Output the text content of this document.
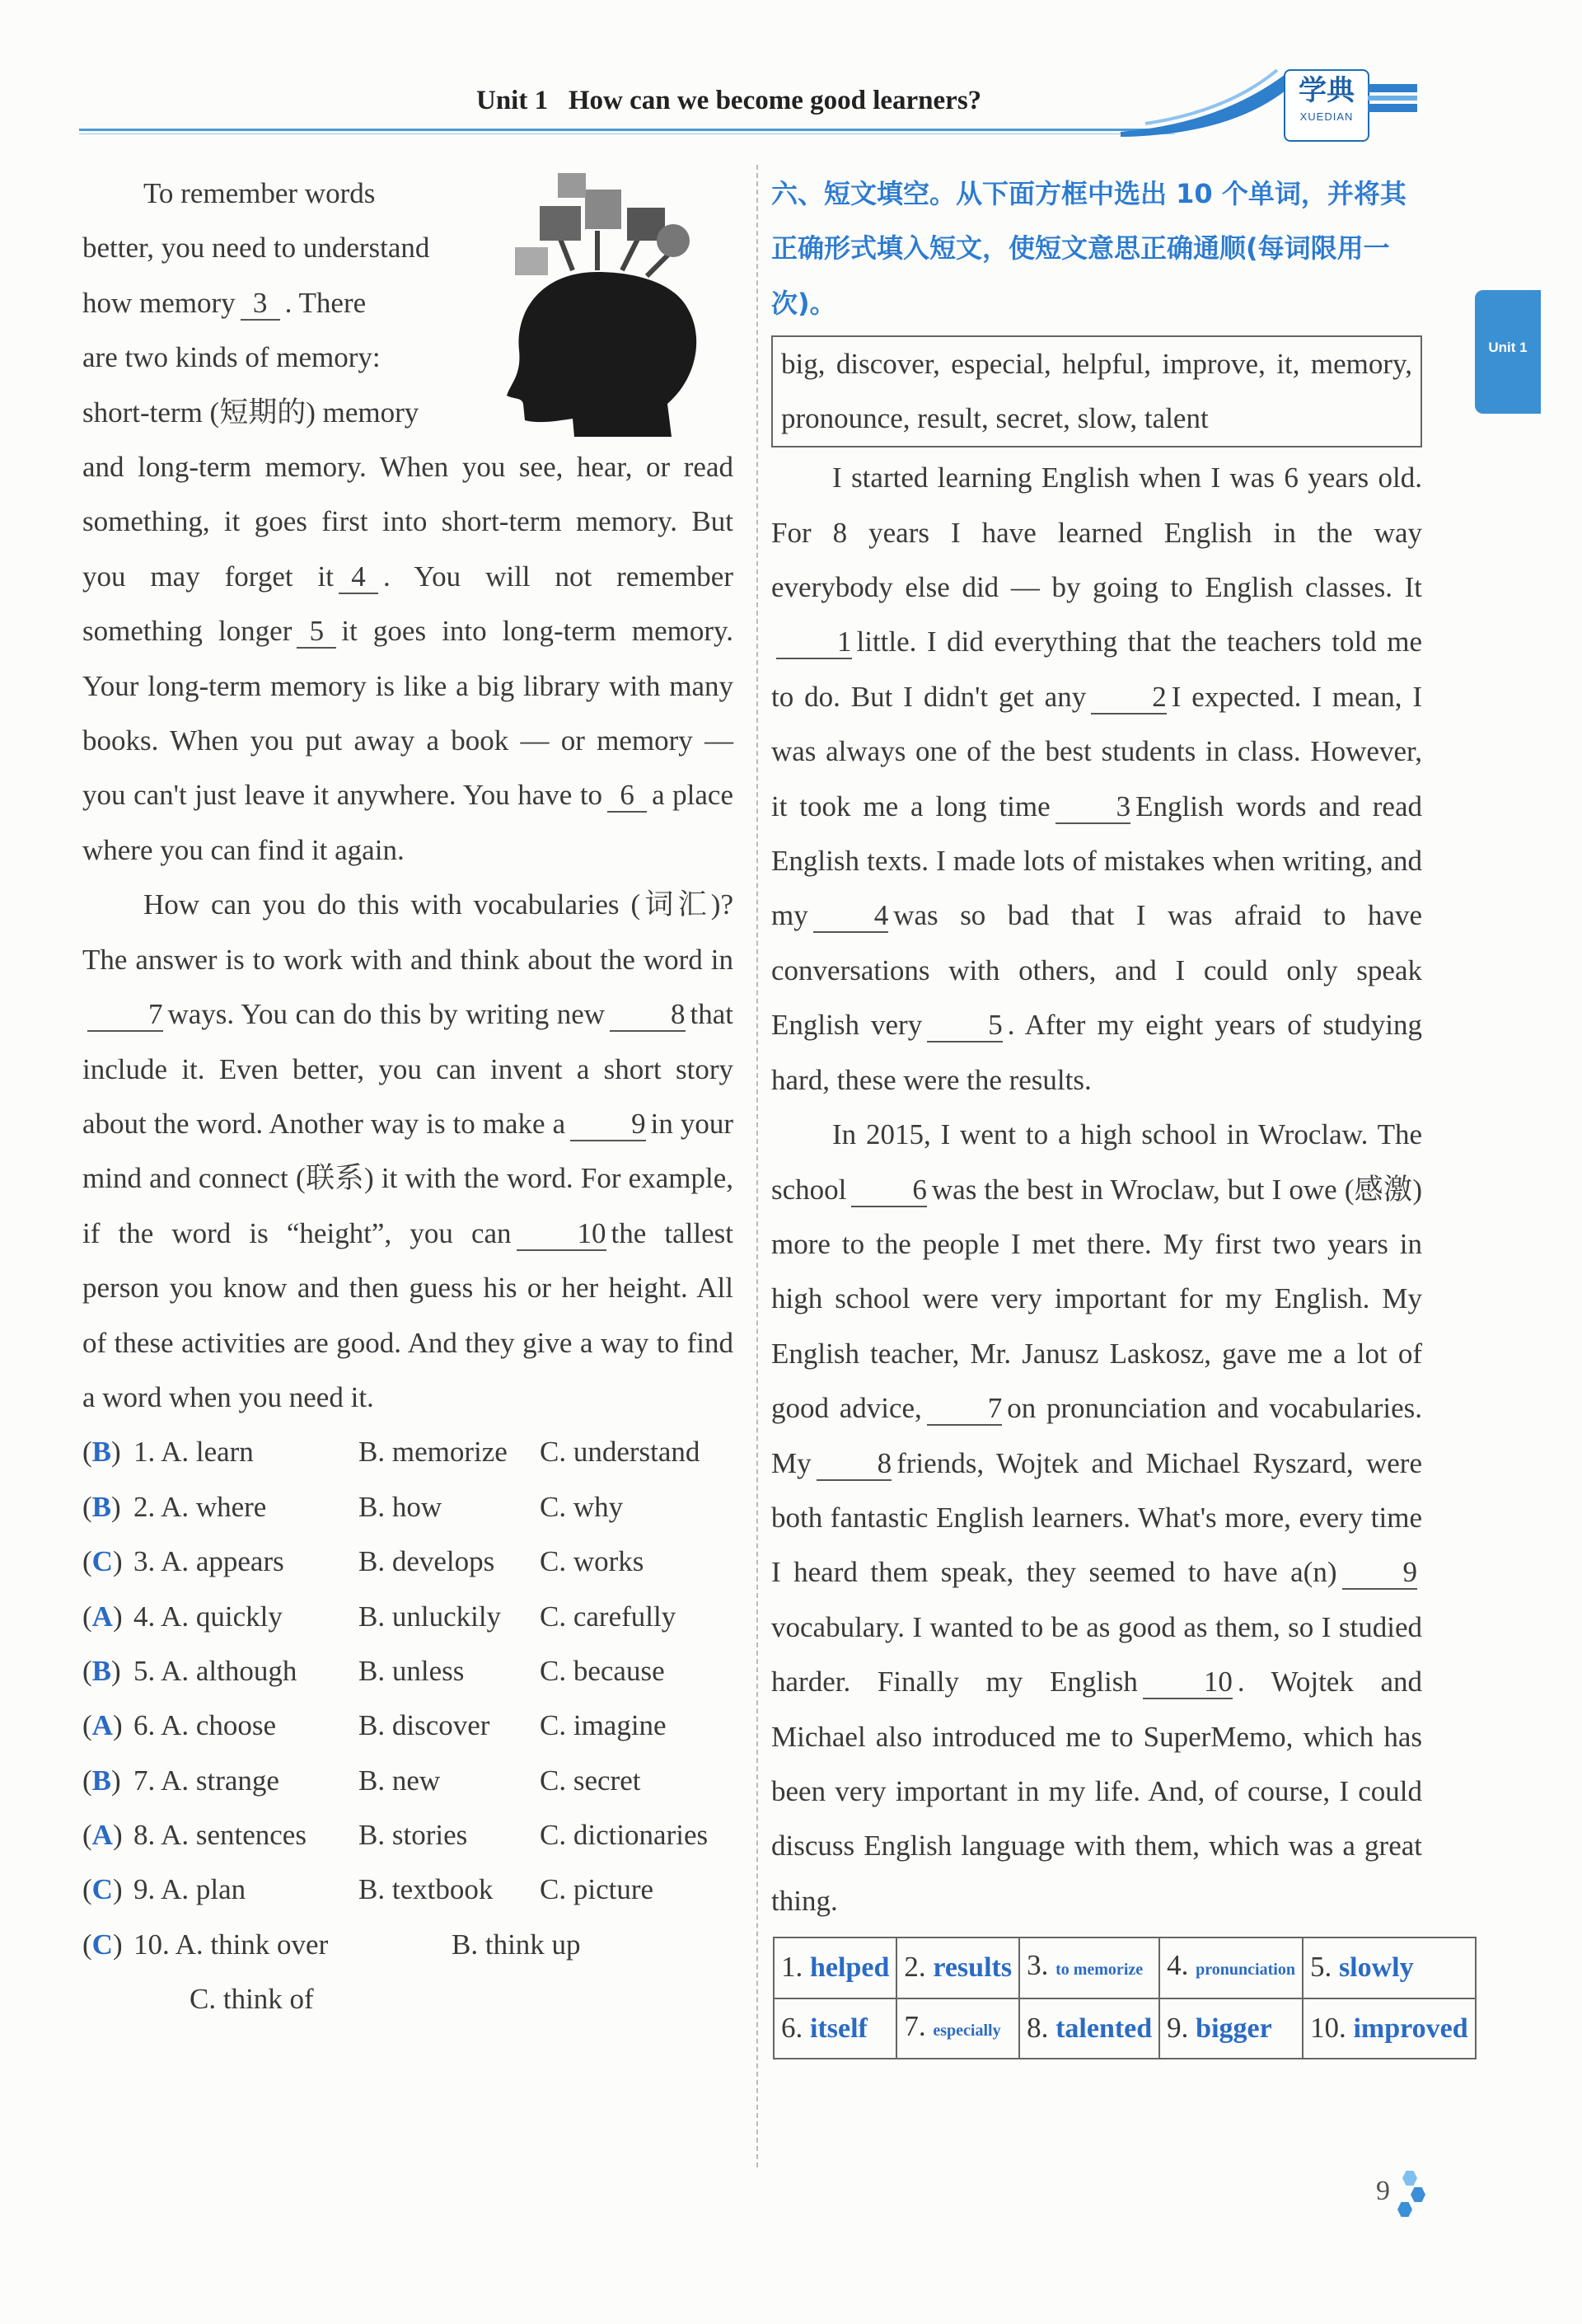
Unit 1 How can we become good learners?	学典
XUEDIAN
Unit 1

To remember words

better, you need to understand

how memory 3 . There

are two kinds of memory:

short-term (短期的) memory

and long-term memory. When you see, hear, or read something, it goes first into short-term memory. But you may forget it 4 . You will not remember something longer 5 it goes into long-term memory. Your long-term memory is like a big library with many books. When you put away a book — or memory — you can't just leave it anywhere. You have to 6 a place where you can find it again.

How can you do this with vocabularies (词汇)? The answer is to work with and think about the word in7 ways. You can do this by writing new 8 that include it. Even better, you can invent a short story about the word. Another way is to make a 9 in your mind and connect (联系) it with the word. For example, if the word is “height”, you can 10 the tallest person you know and then guess his or her height. All of these activities are good. And they give a way to find a word when you need it.

(B) 1. A. learn	B. memorize C. understand
(B) 2. A. where	B. how	C. why
(C) 3. A. appears	B. develops C. works
(A) 4. A. quickly	B. unluckily C. carefully
(B) 5. A. although B. unless	C. because
(A) 6. A. choose	B. discover C. imagine
(B) 7. A. strange	B. new	C. secret
(A) 8. A. sentences B. stories	C. dictionaries
(C) 9. A. plan	B. textbook C. picture
(C) 10. A. think over	B. think up
C. think of
六、短文填空。从下面方框中选出 10 个单词，并将其正确形式填入短文，使短文意思正确通顺(每词限用一次)。
big, discover, especial, helpful, improve, it, memory, pronounce, result, secret, slow, talent

I started learning English when I was 6 years old. For 8 years I have learned English in the way everybody else did — by going to English classes. It1 little. I did everything that the teachers told me to do. But I didn't get any 2 I expected. I mean, I was always one of the best students in class. However, it took me a long time 3 English words and read English texts. I made lots of mistakes when writing, and my 4 was so bad that I was afraid to have conversations with others, and I could only speak English very 5 . After my eight years of studying hard, these were the results.

In 2015, I went to a high school in Wroclaw. The school 6 was the best in Wroclaw, but I owe (感激) more to the people I met there. My first two years in high school were very important for my English. My English teacher, Mr. Janusz Laskosz, gave me a lot of good advice, 7 on pronunciation and vocabularies. My 8 friends, Wojtek and Michael Ryszard, were both fantastic English learners. What's more, every time I heard them speak, they seemed to have a(n) 9vocabulary. I wanted to be as good as them, so I studied harder. Finally my English 10 . Wojtek and Michael also introduced me to SuperMemo, which has been very important in my life. And, of course, I could discuss English language with them, which was a great thing.

1. helped	2. results	3. to memorize	4. pronunciation	5. slowly
6. itself	7. especially	8. talented	9. bigger	10. improved
9
